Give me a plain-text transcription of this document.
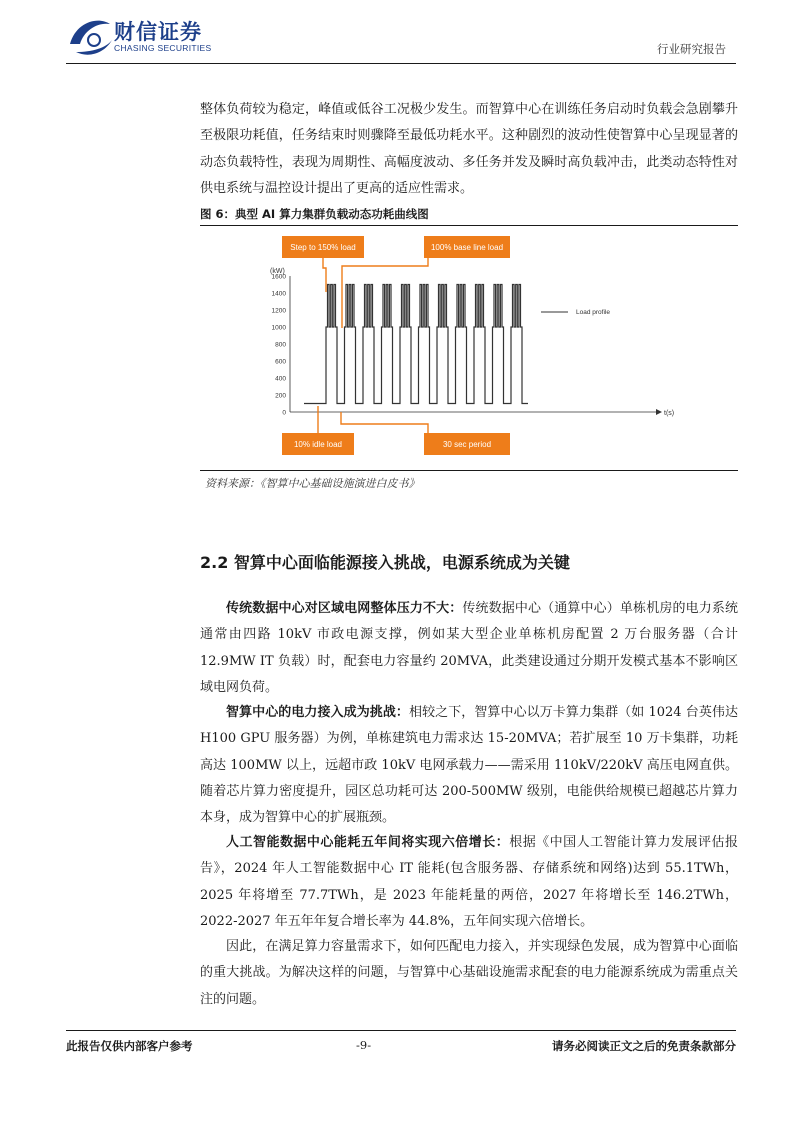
财信证券
CHASING SECURITIES	行业研究报告

整体负荷较为稳定，峰值或低谷工况极少发生。而智算中心在训练任务启动时负载会急剧攀升至极限功耗值，任务结束时则骤降至最低功耗水平。这种剧烈的波动性使智算中心呈现显著的动态负载特性，表现为周期性、高幅度波动、多任务并发及瞬时高负载冲击，此类动态特性对供电系统与温控设计提出了更高的适应性需求。

图 6：典型 AI 算力集群负载动态功耗曲线图
(kW)
0
200
400
600
800
1000
1200
1400
1600
t(s)
Load profile
Step to 150% load	100% base line load
10% idle load	30 sec period
资料来源：《智算中心基础设施演进白皮书》
2.2 智算中心面临能源接入挑战，电源系统成为关键

传统数据中心对区域电网整体压力不大：传统数据中心（通算中心）单栋机房的电力系统通常由四路 10kV 市政电源支撑，例如某大型企业单栋机房配置 2 万台服务器（合计 12.9MW IT 负载）时，配套电力容量约 20MVA，此类建设通过分期开发模式基本不影响区域电网负荷。

智算中心的电力接入成为挑战：相较之下，智算中心以万卡算力集群（如 1024 台英伟达 H100 GPU 服务器）为例，单栋建筑电力需求达 15-20MVA；若扩展至 10 万卡集群，功耗高达 100MW 以上，远超市政 10kV 电网承载力——需采用 110kV/220kV 高压电网直供。随着芯片算力密度提升，园区总功耗可达 200-500MW 级别，电能供给规模已超越芯片算力本身，成为智算中心的扩展瓶颈。

人工智能数据中心能耗五年间将实现六倍增长：根据《中国人工智能计算力发展评估报告》，2024 年人工智能数据中心 IT 能耗(包含服务器、存储系统和网络)达到 55.1TWh，2025 年将增至 77.7TWh，是 2023 年能耗量的两倍，2027 年将增长至 146.2TWh，2022-2027 年五年年复合增长率为 44.8%，五年间实现六倍增长。

因此，在满足算力容量需求下，如何匹配电力接入，并实现绿色发展，成为智算中心面临的重大挑战。为解决这样的问题，与智算中心基础设施需求配套的电力能源系统成为需重点关注的问题。

此报告仅供内部客户参考	-9-	请务必阅读正文之后的免责条款部分
